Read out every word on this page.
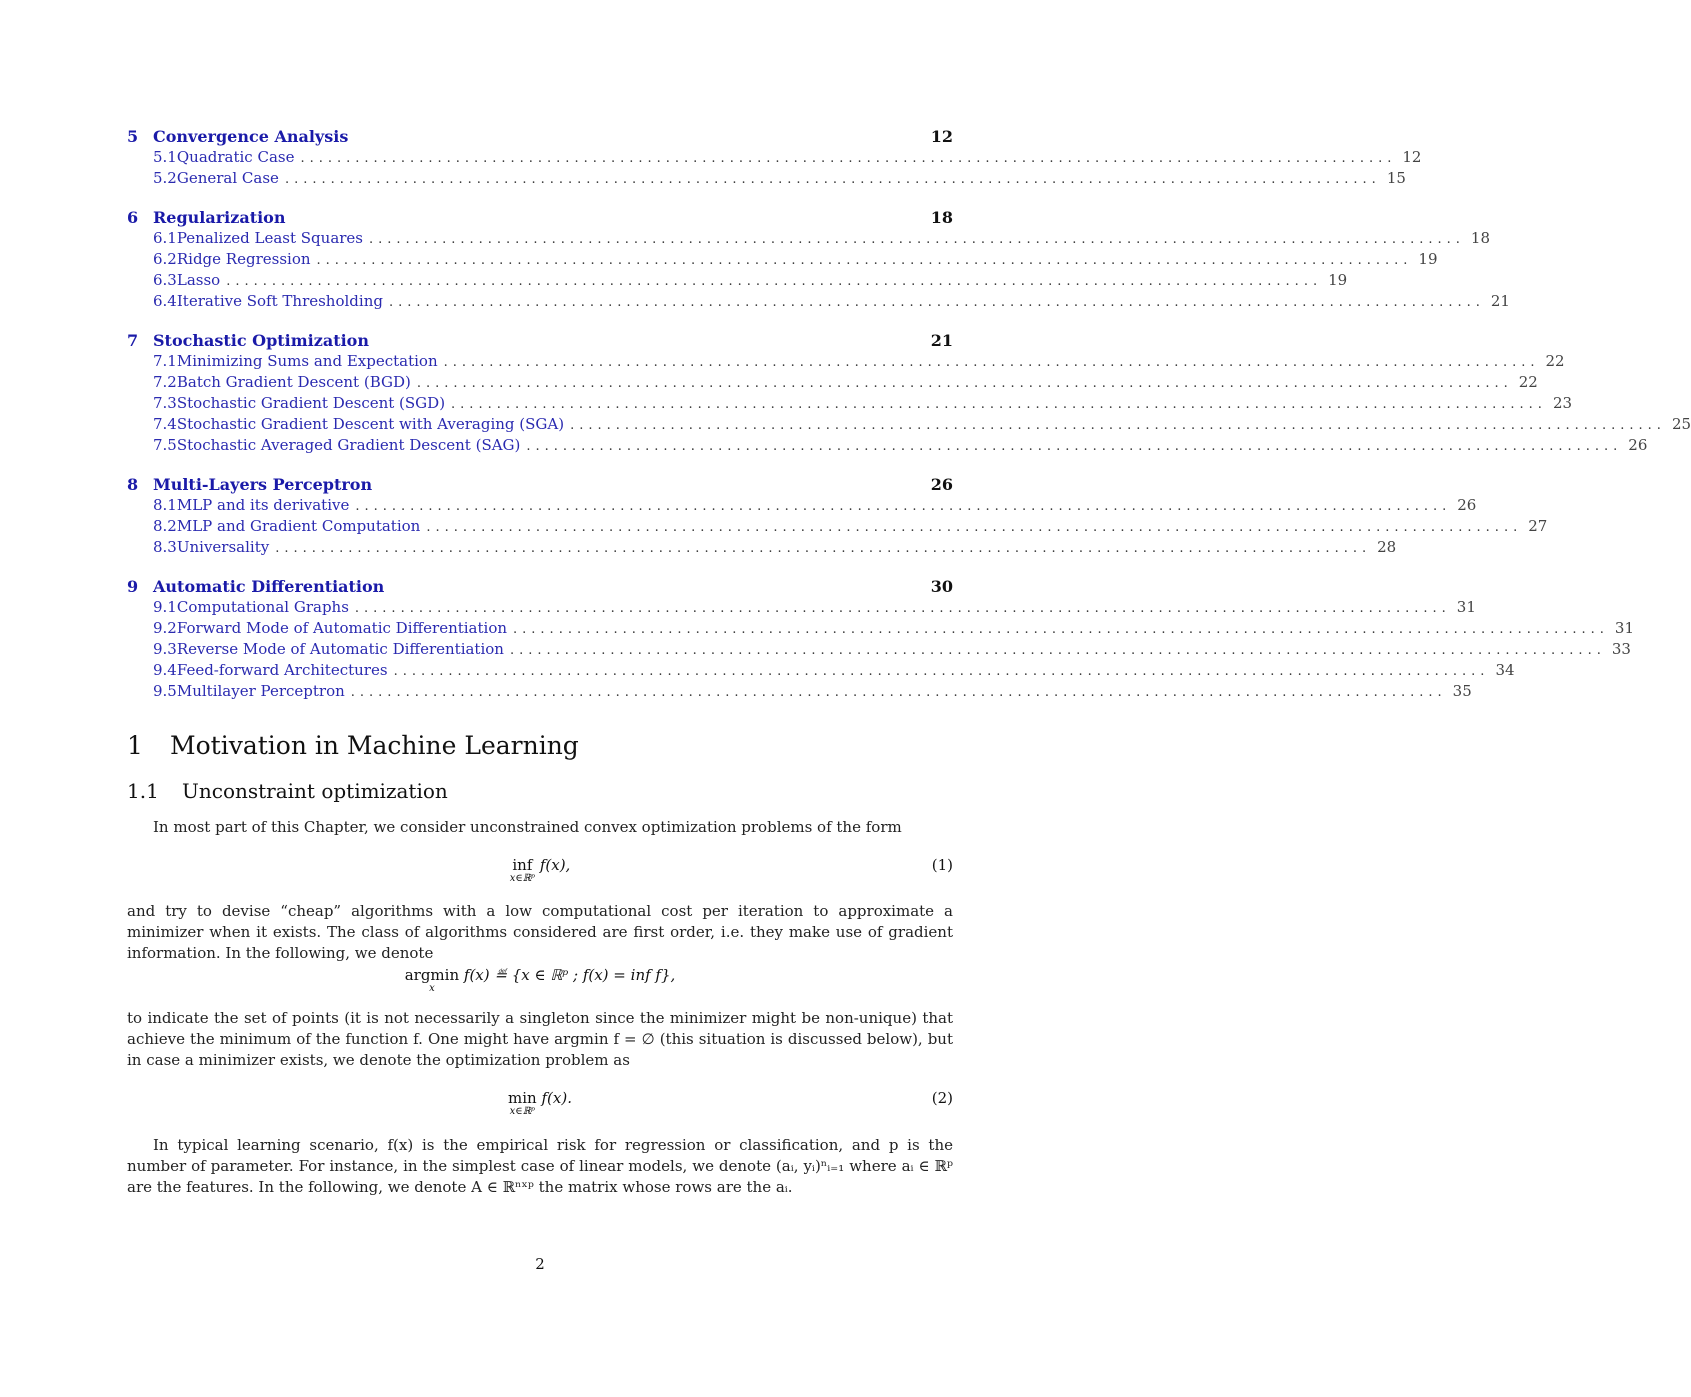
5 Convergence Analysis	12
5.1 Quadratic Case ........................................................................................................................ 12
5.2 General Case ........................................................................................................................ 15
6 Regularization	18
6.1 Penalized Least Squares ........................................................................................................................ 18
6.2 Ridge Regression ........................................................................................................................ 19
6.3 Lasso ........................................................................................................................ 19
6.4 Iterative Soft Thresholding ........................................................................................................................ 21
7 Stochastic Optimization	21
7.1 Minimizing Sums and Expectation ........................................................................................................................ 22
7.2 Batch Gradient Descent (BGD) ........................................................................................................................ 22
7.3 Stochastic Gradient Descent (SGD) ........................................................................................................................ 23
7.4 Stochastic Gradient Descent with Averaging (SGA) ........................................................................................................................ 25
7.5 Stochastic Averaged Gradient Descent (SAG) ........................................................................................................................ 26
8 Multi-Layers Perceptron	26
8.1 MLP and its derivative ........................................................................................................................ 26
8.2 MLP and Gradient Computation ........................................................................................................................ 27
8.3 Universality ........................................................................................................................ 28
9 Automatic Differentiation	30
9.1 Computational Graphs ........................................................................................................................ 31
9.2 Forward Mode of Automatic Differentiation ........................................................................................................................ 31
9.3 Reverse Mode of Automatic Differentiation ........................................................................................................................ 33
9.4 Feed-forward Architectures ........................................................................................................................ 34
9.5 Multilayer Perceptron ........................................................................................................................ 35
1 Motivation in Machine Learning
1.1 Unconstraint optimization
In most part of this Chapter, we consider unconstrained convex optimization problems of the form
inf
x∈ℝᵖ
f(x),	(1)
and try to devise “cheap” algorithms with a low computational cost per iteration to approximate a minimizer when it exists. The class of algorithms considered are first order, i.e. they make use of gradient information. In the following, we denote
argmin
x
f(x) ≝ {x ∈ ℝᵖ ; f(x) = inf f},
to indicate the set of points (it is not necessarily a singleton since the minimizer might be non-unique) that achieve the minimum of the function f. One might have argmin f = ∅ (this situation is discussed below), but in case a minimizer exists, we denote the optimization problem as
min
x∈ℝᵖ
f(x).	(2)
In typical learning scenario, f(x) is the empirical risk for regression or classification, and p is the number of parameter. For instance, in the simplest case of linear models, we denote (aᵢ, yᵢ)ⁿᵢ₌₁ where aᵢ ∈ ℝᵖ are the features. In the following, we denote A ∈ ℝⁿˣᵖ the matrix whose rows are the aᵢ.
2
